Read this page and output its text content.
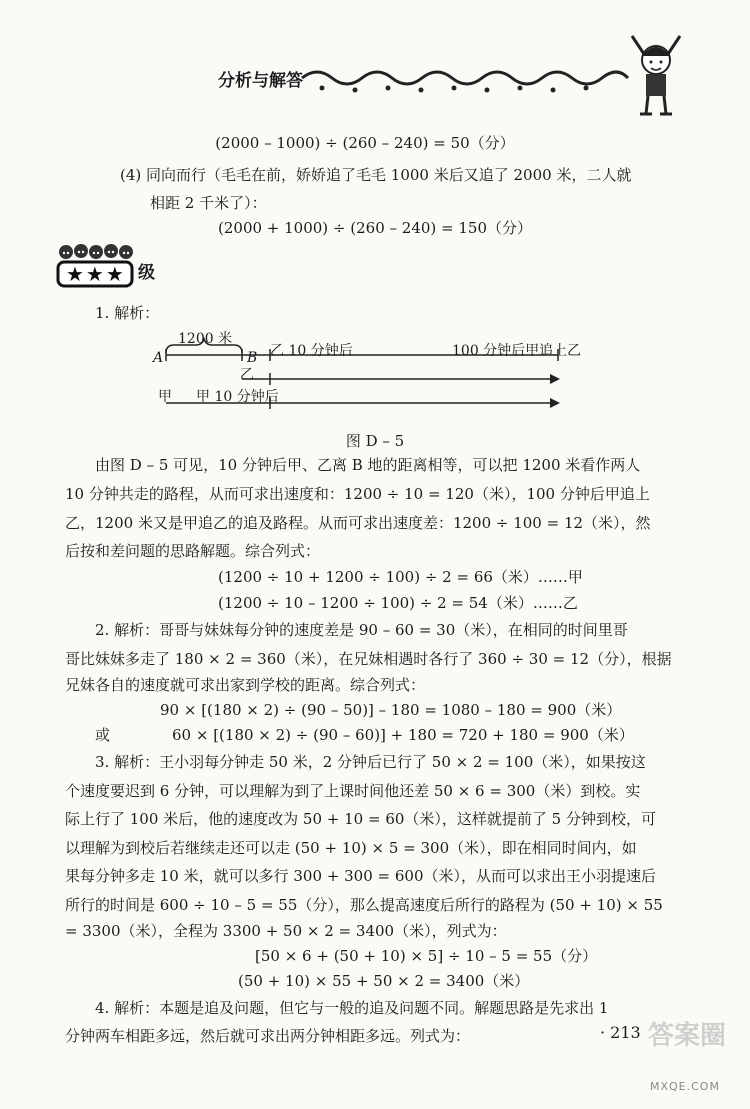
分析与解答
(2000 – 1000) ÷ (260 – 240) = 50（分）
(4) 同向而行（毛毛在前，娇娇追了毛毛 1000 米后又追了 2000 米，二人就
相距 2 千米了）：
(2000 + 1000) ÷ (260 – 240) = 150（分）
★★★ 级
1. 解析：
1200 米
A	B 乙 10 分钟后	100 分钟后甲追上乙
乙
甲 甲 10 分钟后
图 D – 5
由图 D – 5 可见，10 分钟后甲、乙离 B 地的距离相等，可以把 1200 米看作两人
10 分钟共走的路程，从而可求出速度和：1200 ÷ 10 = 120（米），100 分钟后甲追上
乙，1200 米又是甲追乙的追及路程。从而可求出速度差：1200 ÷ 100 = 12（米），然
后按和差问题的思路解题。综合列式：
(1200 ÷ 10 + 1200 ÷ 100) ÷ 2 = 66（米）……甲
(1200 ÷ 10 – 1200 ÷ 100) ÷ 2 = 54（米）……乙
2. 解析：哥哥与妹妹每分钟的速度差是 90 – 60 = 30（米），在相同的时间里哥
哥比妹妹多走了 180 × 2 = 360（米），在兄妹相遇时各行了 360 ÷ 30 = 12（分），根据
兄妹各自的速度就可求出家到学校的距离。综合列式：
90 × [(180 × 2) ÷ (90 – 50)] – 180 = 1080 – 180 = 900（米）
或	60 × [(180 × 2) ÷ (90 – 60)] + 180 = 720 + 180 = 900（米）
3. 解析：王小羽每分钟走 50 米，2 分钟后已行了 50 × 2 = 100（米），如果按这
个速度要迟到 6 分钟，可以理解为到了上课时间他还差 50 × 6 = 300（米）到校。实
际上行了 100 米后，他的速度改为 50 + 10 = 60（米），这样就提前了 5 分钟到校，可
以理解为到校后若继续走还可以走 (50 + 10) × 5 = 300（米），即在相同时间内，如
果每分钟多走 10 米，就可以多行 300 + 300 = 600（米），从而可以求出王小羽提速后
所行的时间是 600 ÷ 10 – 5 = 55（分），那么提高速度后所行的路程为 (50 + 10) × 55
= 3300（米），全程为 3300 + 50 × 2 = 3400（米），列式为：
[50 × 6 + (50 + 10) × 5] ÷ 10 – 5 = 55（分）
(50 + 10) × 55 + 50 × 2 = 3400（米）
4. 解析：本题是追及问题，但它与一般的追及问题不同。解题思路是先求出 1
分钟两车相距多远，然后就可求出两分钟相距多远。列式为：	· 213 答案圈
MXQE.COM
